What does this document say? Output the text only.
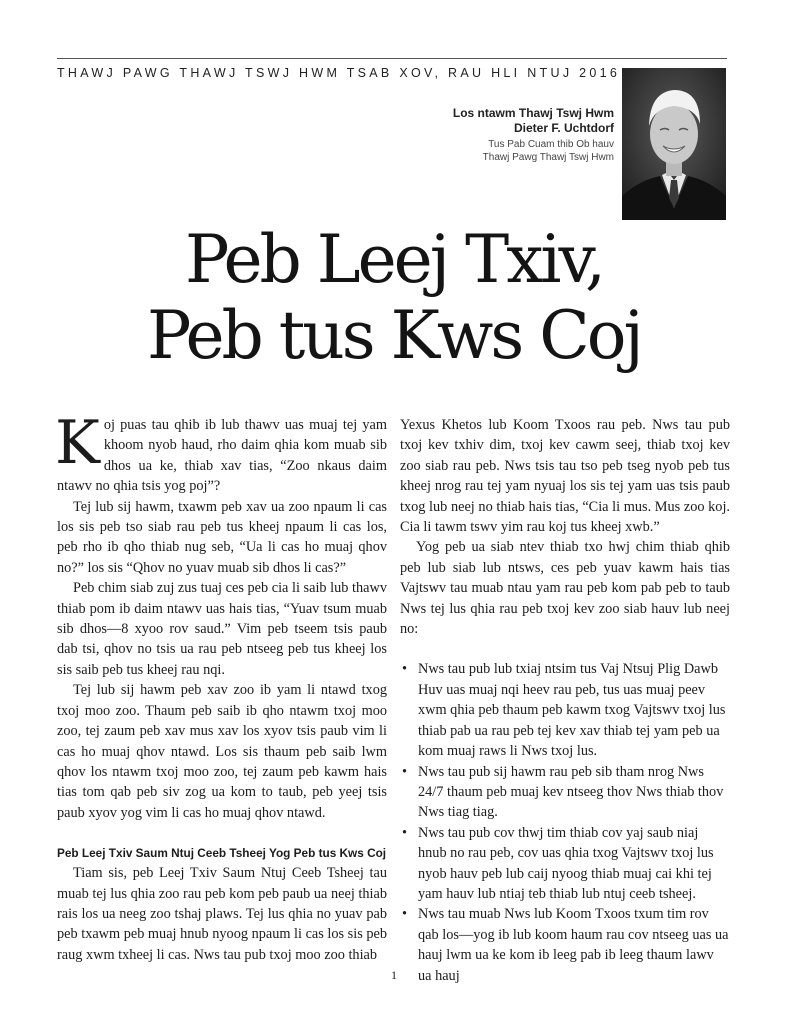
THAWJ PAWG THAWJ TSWJ HWM TSAB XOV, RAU HLI NTUJ 2016
Los ntawm Thawj Tswj Hwm
Dieter F. Uchtdorf
Tus Pab Cuam thib Ob hauv
Thawj Pawg Thawj Tswj Hwm
Peb Leej Txiv,
Peb tus Kws Coj

Koj puas tau qhib ib lub thawv uas muaj tej yam khoom nyob haud, rho daim qhia kom muab sib dhos ua ke, thiab xav tias, “Zoo nkaus daim ntawv no qhia tsis yog poj”?

Tej lub sij hawm, txawm peb xav ua zoo npaum li cas los sis peb tso siab rau peb tus kheej npaum li cas los, peb rho ib qho thiab nug seb, “Ua li cas ho muaj qhov no?” los sis “Qhov no yuav muab sib dhos li cas?”

Peb chim siab zuj zus tuaj ces peb cia li saib lub thawv thiab pom ib daim ntawv uas hais tias, “Yuav tsum muab sib dhos—8 xyoo rov saud.” Vim peb tseem tsis paub dab tsi, qhov no tsis ua rau peb ntseeg peb tus kheej los sis saib peb tus kheej rau nqi.

Tej lub sij hawm peb xav zoo ib yam li ntawd txog txoj moo zoo. Thaum peb saib ib qho ntawm txoj moo zoo, tej zaum peb xav mus xav los xyov tsis paub vim li cas ho muaj qhov ntawd. Los sis thaum peb saib lwm qhov los ntawm txoj moo zoo, tej zaum peb kawm hais tias tom qab peb siv zog ua kom to taub, peb yeej tsis paub xyov yog vim li cas ho muaj qhov ntawd.

Peb Leej Txiv Saum Ntuj Ceeb Tsheej Yog Peb tus Kws Coj

Tiam sis, peb Leej Txiv Saum Ntuj Ceeb Tsheej tau muab tej lus qhia zoo rau peb kom peb paub ua neej thiab rais los ua neeg zoo tshaj plaws. Tej lus qhia no yuav pab peb txawm peb muaj hnub nyoog npaum li cas los sis peb raug xwm txheej li cas. Nws tau pub txoj moo zoo thiab

Yexus Khetos lub Koom Txoos rau peb. Nws tau pub txoj kev txhiv dim, txoj kev cawm seej, thiab txoj kev zoo siab rau peb. Nws tsis tau tso peb tseg nyob peb tus kheej nrog rau tej yam nyuaj los sis tej yam uas tsis paub txog lub neej no thiab hais tias, “Cia li mus. Mus zoo koj. Cia li tawm tswv yim rau koj tus kheej xwb.”

Yog peb ua siab ntev thiab txo hwj chim thiab qhib peb lub siab lub ntsws, ces peb yuav kawm hais tias Vajtswv tau muab ntau yam rau peb kom pab peb to taub Nws tej lus qhia rau peb txoj kev zoo siab hauv lub neej no:

• Nws tau pub lub txiaj ntsim tus Vaj Ntsuj Plig Dawb Huv uas muaj nqi heev rau peb, tus uas muaj peev xwm qhia peb thaum peb kawm txog Vajtswv txoj lus thiab pab ua rau peb tej kev xav thiab tej yam peb ua kom muaj raws li Nws txoj lus.
• Nws tau pub sij hawm rau peb sib tham nrog Nws 24/7 thaum peb muaj kev ntseeg thov Nws thiab thov Nws tiag tiag.
• Nws tau pub cov thwj tim thiab cov yaj saub niaj hnub no rau peb, cov uas qhia txog Vajtswv txoj lus nyob hauv peb lub caij nyoog thiab muaj cai khi tej yam hauv lub ntiaj teb thiab lub ntuj ceeb tsheej.
• Nws tau muab Nws lub Koom Txoos txum tim rov qab los—yog ib lub koom haum rau cov ntseeg uas ua hauj lwm ua ke kom ib leeg pab ib leeg thaum lawv ua hauj
1
